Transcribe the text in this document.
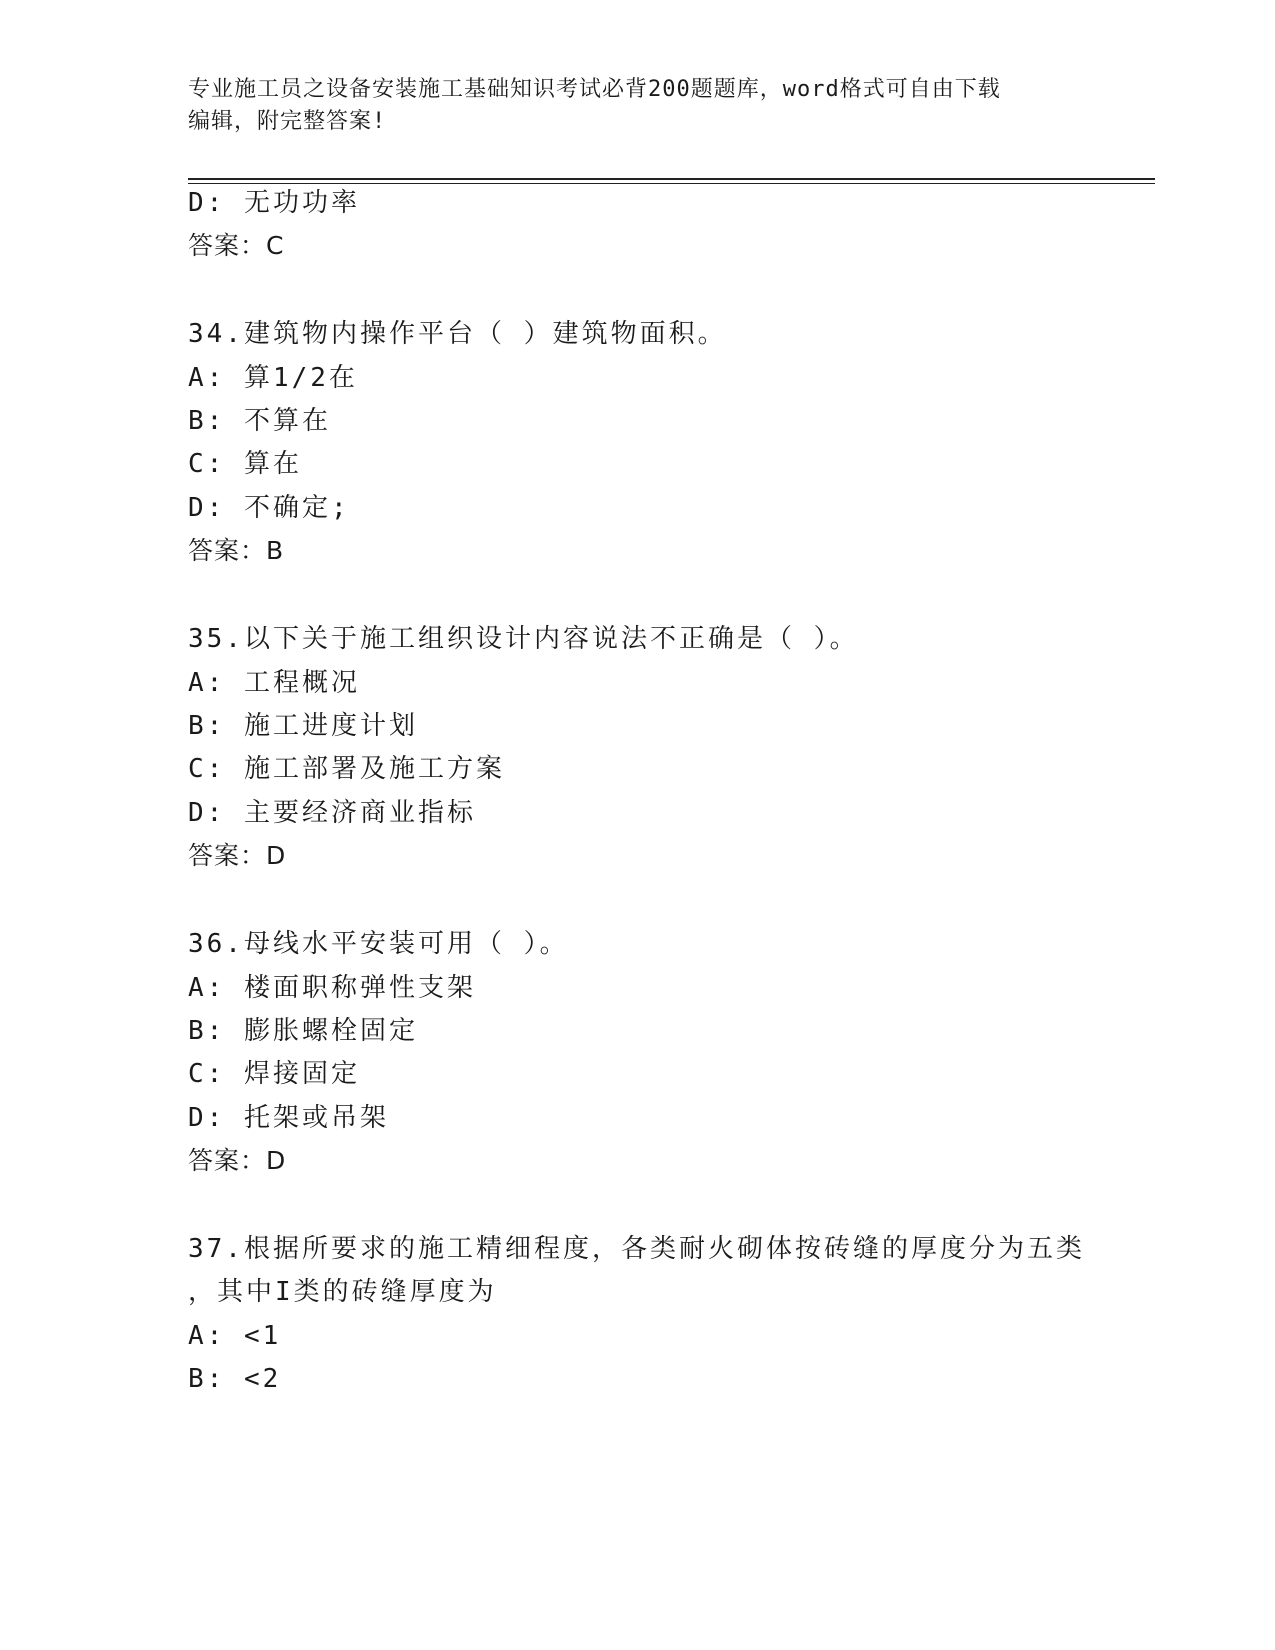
专业施工员之设备安装施工基础知识考试必背200题题库，word格式可自由下载
编辑，附完整答案!
D: 无功功率
答案：C
34.建筑物内操作平台（ ）建筑物面积。
A: 算1/2在
B: 不算在
C: 算在
D: 不确定;
答案：B
35.以下关于施工组织设计内容说法不正确是（ ）。
A: 工程概况
B: 施工进度计划
C: 施工部署及施工方案
D: 主要经济商业指标
答案：D
36.母线水平安装可用（ ）。
A: 楼面职称弹性支架
B: 膨胀螺栓固定
C: 焊接固定
D: 托架或吊架
答案：D
37.根据所要求的施工精细程度，各类耐火砌体按砖缝的厚度分为五类
，其中I类的砖缝厚度为
A: <1
B: <2
